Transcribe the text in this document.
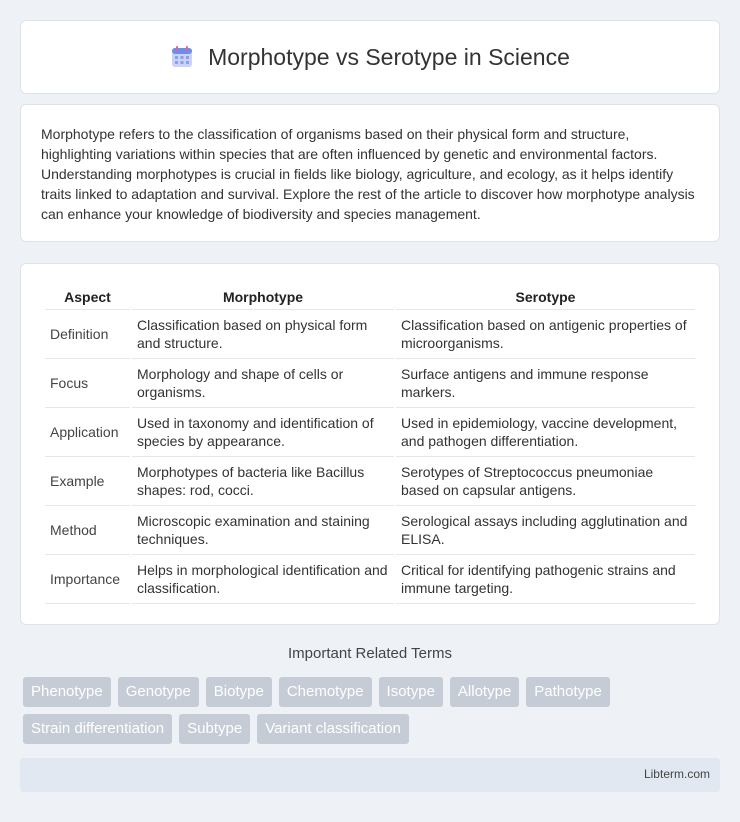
Morphotype vs Serotype in Science

Morphotype refers to the classification of organisms based on their physical form and structure, highlighting variations within species that are often influenced by genetic and environmental factors. Understanding morphotypes is crucial in fields like biology, agriculture, and ecology, as it helps identify traits linked to adaptation and survival. Explore the rest of the article to discover how morphotype analysis can enhance your knowledge of biodiversity and species management.

Aspect	Morphotype	Serotype
Definition	Classification based on physical form and structure.	Classification based on antigenic properties of microorganisms.
Focus	Morphology and shape of cells or organisms.	Surface antigens and immune response markers.
Application	Used in taxonomy and identification of species by appearance.	Used in epidemiology, vaccine development, and pathogen differentiation.
Example	Morphotypes of bacteria like Bacillus shapes: rod, cocci.	Serotypes of Streptococcus pneumoniae based on capsular antigens.
Method	Microscopic examination and staining techniques.	Serological assays including agglutination and ELISA.
Importance	Helps in morphological identification and classification.	Critical for identifying pathogenic strains and immune targeting.
Important Related Terms
Phenotype	Genotype	Biotype	Chemotype	Isotype	Allotype	Pathotype
Strain differentiation	Subtype	Variant classification
Libterm.com
